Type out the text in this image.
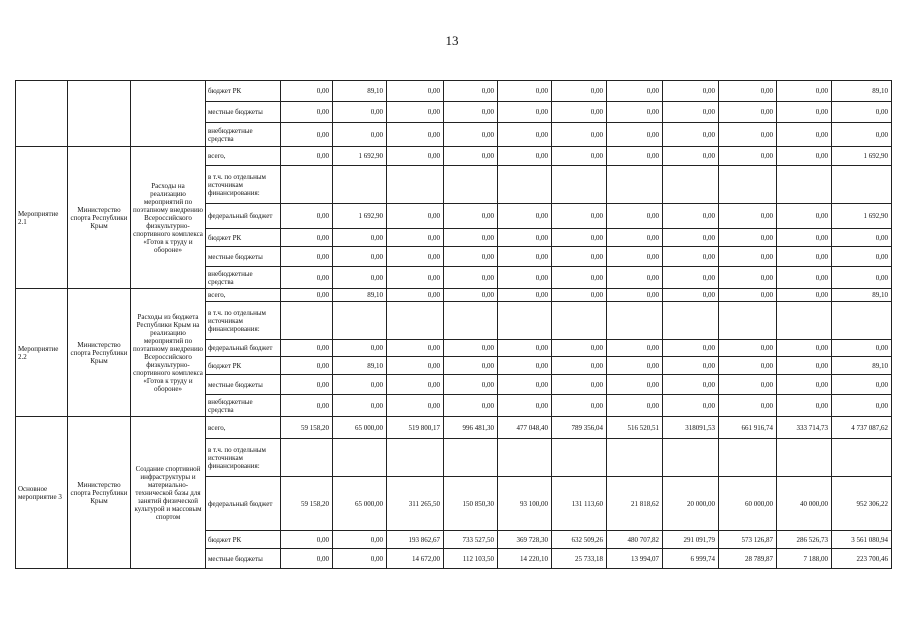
13
			бюджет РК	0,00	89,10	0,00	0,00	0,00	0,00	0,00	0,00	0,00	0,00	89,10
			местные бюджеты	0,00	0,00	0,00	0,00	0,00	0,00	0,00	0,00	0,00	0,00	0,00
			внебюджетные средства	0,00	0,00	0,00	0,00	0,00	0,00	0,00	0,00	0,00	0,00	0,00
Мероприятие 2.1	Министерство спорта Республики Крым	Расходы на реализацию мероприятий по поэтапному внедрению Всероссийского физкультурно-спортивного комплекса «Готов к труду и обороне»	всего,	0,00	1 692,90	0,00	0,00	0,00	0,00	0,00	0,00	0,00	0,00	1 692,90
			в т.ч. по отдельным источникам финансирования:											
			федеральный бюджет	0,00	1 692,90	0,00	0,00	0,00	0,00	0,00	0,00	0,00	0,00	1 692,90
			бюджет РК	0,00	0,00	0,00	0,00	0,00	0,00	0,00	0,00	0,00	0,00	0,00
			местные бюджеты	0,00	0,00	0,00	0,00	0,00	0,00	0,00	0,00	0,00	0,00	0,00
			внебюджетные средства	0,00	0,00	0,00	0,00	0,00	0,00	0,00	0,00	0,00	0,00	0,00
Мероприятие 2.2	Министерство спорта Республики Крым	Расходы из бюджета Республики Крым на реализацию мероприятий по поэтапному внедрению Всероссийского физкультурно-спортивного комплекса «Готов к труду и обороне»	всего,	0,00	89,10	0,00	0,00	0,00	0,00	0,00	0,00	0,00	0,00	89,10
			в т.ч. по отдельным источникам финансирования:											
			федеральный бюджет	0,00	0,00	0,00	0,00	0,00	0,00	0,00	0,00	0,00	0,00	0,00
			бюджет РК	0,00	89,10	0,00	0,00	0,00	0,00	0,00	0,00	0,00	0,00	89,10
			местные бюджеты	0,00	0,00	0,00	0,00	0,00	0,00	0,00	0,00	0,00	0,00	0,00
			внебюджетные средства	0,00	0,00	0,00	0,00	0,00	0,00	0,00	0,00	0,00	0,00	0,00
Основное мероприятие 3	Министерство спорта Республики Крым	Создание спортивной инфраструктуры и материально-технической базы для занятий физической культурой и массовым спортом	всего,	59 158,20	65 000,00	519 800,17	996 481,30	477 048,40	789 356,04	516 520,51	318091,53	661 916,74	333 714,73	4 737 087,62
			в т.ч. по отдельным источникам финансирования:											
			федеральный бюджет	59 158,20	65 000,00	311 265,50	150 850,30	93 100,00	131 113,60	21 818,62	20 000,00	60 000,00	40 000,00	952 306,22
			бюджет РК	0,00	0,00	193 862,67	733 527,50	369 728,30	632 509,26	480 707,82	291 091,79	573 126,87	286 526,73	3 561 080,94
			местные бюджеты	0,00	0,00	14 672,00	112 103,50	14 220,10	25 733,18	13 994,07	6 999,74	28 789,87	7 188,00	223 700,46
